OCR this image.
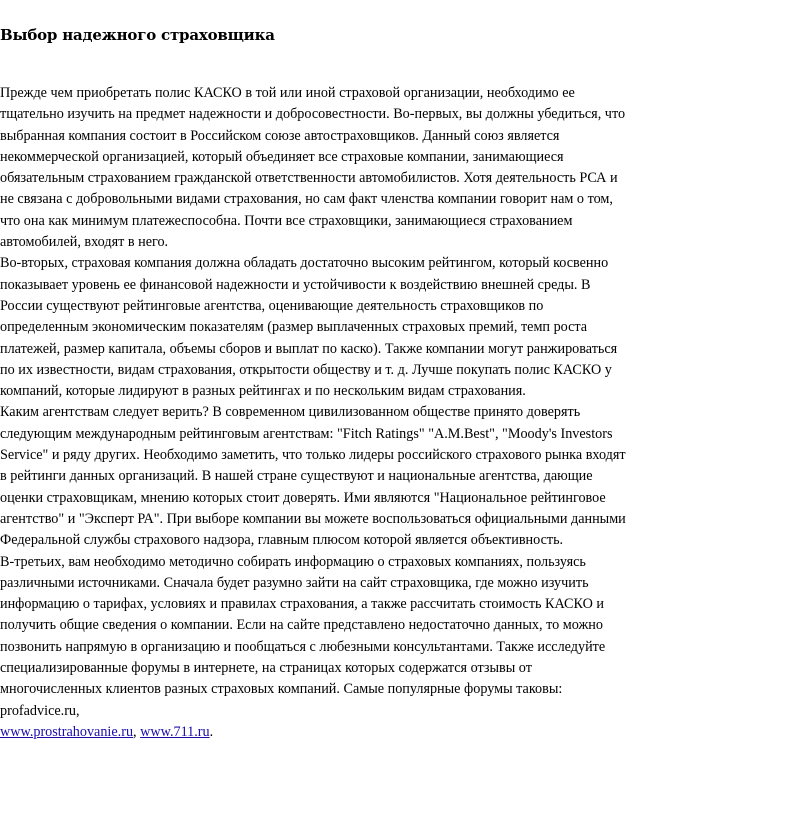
Выбор надежного страховщика

Прежде чем приобретать полис КАСКО в той или иной страховой организации, необходимо ее тщательно изучить на предмет надежности и добросовестности. Во-первых, вы должны убедиться, что выбранная компания состоит в Российском союзе автостраховщиков. Данный союз является некоммерческой организацией, который объединяет все страховые компании, занимающиеся обязательным страхованием гражданской ответственности автомобилистов. Хотя деятельность РСА и не связана с добровольными видами страхования, но сам факт членства компании говорит нам о том, что она как минимум платежеспособна. Почти все страховщики, занимающиеся страхованием автомобилей, входят в него.

Во-вторых, страховая компания должна обладать достаточно высоким рейтингом, который косвенно показывает уровень ее финансовой надежности и устойчивости к воздействию внешней среды. В России существуют рейтинговые агентства, оценивающие деятельность страховщиков по определенным экономическим показателям (размер выплаченных страховых премий, темп роста платежей, размер капитала, объемы сборов и выплат по каско). Также компании могут ранжироваться по их известности, видам страхования, открытости обществу и т. д. Лучше покупать полис КАСКО у компаний, которые лидируют в разных рейтингах и по нескольким видам страхования.

Каким агентствам следует верить? В современном цивилизованном обществе принято доверять следующим международным рейтинговым агентствам: "Fitch Ratings" "A.M.Best", "Moody's Investors Service" и ряду других. Необходимо заметить, что только лидеры российского страхового рынка входят в рейтинги данных организаций. В нашей стране существуют и национальные агентства, дающие оценки страховщикам, мнению которых стоит доверять. Ими являются "Национальное рейтинговое агентство" и "Эксперт РА". При выборе компании вы можете воспользоваться официальными данными Федеральной службы страхового надзора, главным плюсом которой является объективность.

В-третьих, вам необходимо методично собирать информацию о страховых компаниях, пользуясь различными источниками. Сначала будет разумно зайти на сайт страховщика, где можно изучить информацию о тарифах, условиях и правилах страхования, а также рассчитать стоимость КАСКО и получить общие сведения о компании. Если на сайте представлено недостаточно данных, то можно позвонить напрямую в организацию и пообщаться с любезными консультантами. Также исследуйте специализированные форумы в интернете, на страницах которых содержатся отзывы от многочисленных клиентов разных страховых компаний. Самые популярные форумы таковы: profadvice.ru,
www.prostrahovanie.ru, www.711.ru.
